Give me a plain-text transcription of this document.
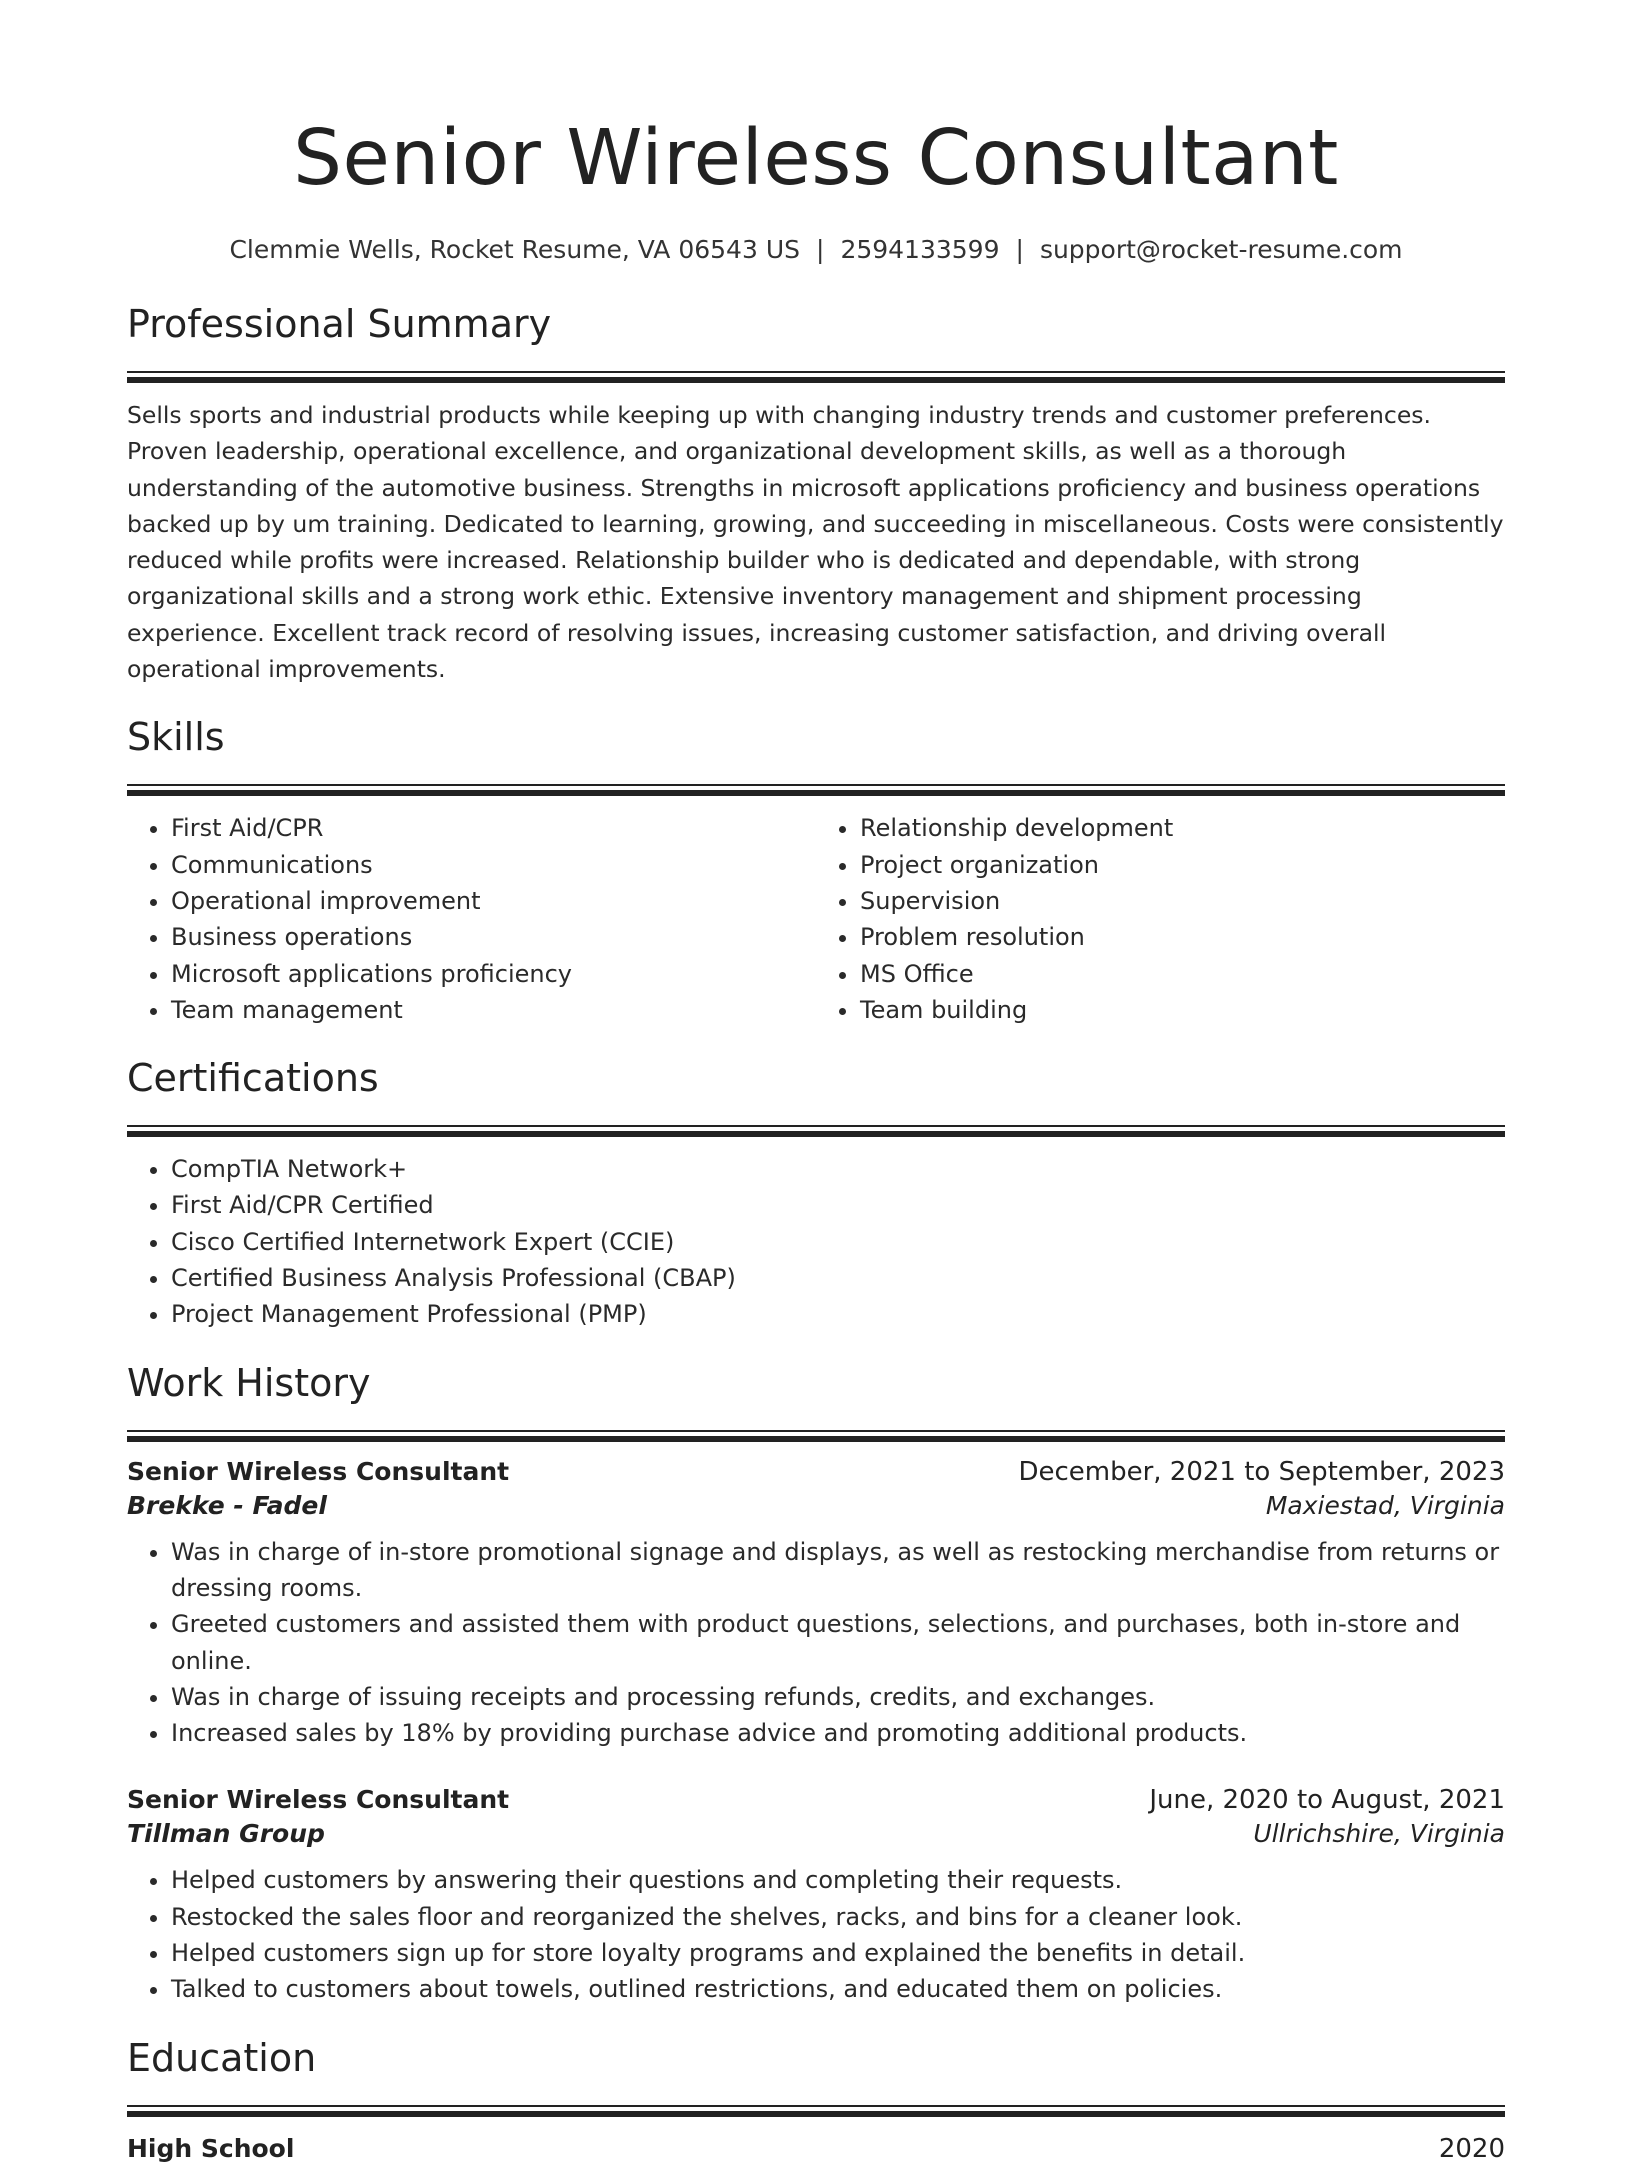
Senior Wireless Consultant
Clemmie Wells, Rocket Resume, VA 06543 US | 2594133599 | support@rocket-resume.com
Professional Summary
Sells sports and industrial products while keeping up with changing industry trends and customer preferences. Proven leadership, operational excellence, and organizational development skills, as well as a thorough understanding of the automotive business. Strengths in microsoft applications proficiency and business operations backed up by um training. Dedicated to learning, growing, and succeeding in miscellaneous. Costs were consistently reduced while profits were increased. Relationship builder who is dedicated and dependable, with strong organizational skills and a strong work ethic. Extensive inventory management and shipment processing experience. Excellent track record of resolving issues, increasing customer satisfaction, and driving overall operational improvements.
Skills
• First Aid/CPR
• Communications
• Operational improvement
• Business operations
• Microsoft applications proficiency
• Team management
• Relationship development
• Project organization
• Supervision
• Problem resolution
• MS Office
• Team building
Certifications
• CompTIA Network+
• First Aid/CPR Certified
• Cisco Certified Internetwork Expert (CCIE)
• Certified Business Analysis Professional (CBAP)
• Project Management Professional (PMP)
Work History
Senior Wireless Consultant	December, 2021 to September, 2023
Brekke - Fadel	Maxiestad, Virginia
• Was in charge of in-store promotional signage and displays, as well as restocking merchandise from returns or dressing rooms.
• Greeted customers and assisted them with product questions, selections, and purchases, both in-store and online.
• Was in charge of issuing receipts and processing refunds, credits, and exchanges.
• Increased sales by 18% by providing purchase advice and promoting additional products.
Senior Wireless Consultant	June, 2020 to August, 2021
Tillman Group	Ullrichshire, Virginia
• Helped customers by answering their questions and completing their requests.
• Restocked the sales floor and reorganized the shelves, racks, and bins for a cleaner look.
• Helped customers sign up for store loyalty programs and explained the benefits in detail.
• Talked to customers about towels, outlined restrictions, and educated them on policies.
Education
High School	2020
